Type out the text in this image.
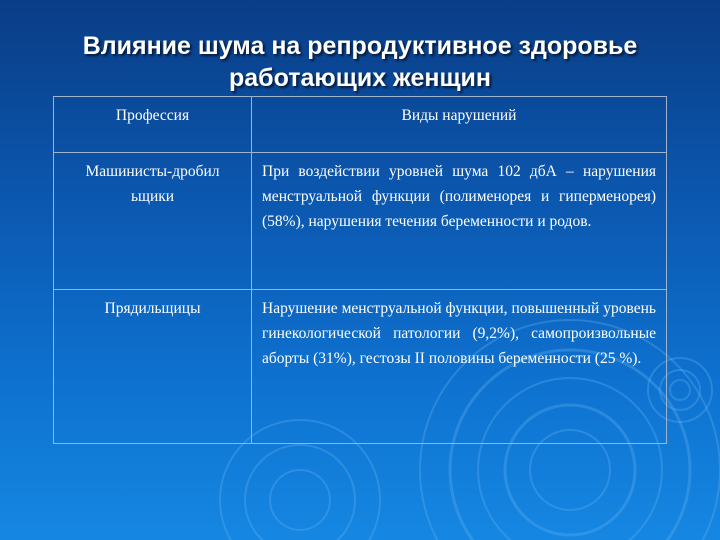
Влияние шума на репродуктивное здоровье
работающих женщин
Профессия	Виды нарушений
Машинисты-дробил ьщики	При воздействии уровней шума 102 дбА – нарушения менструальной функции (полименорея и гиперменорея) (58%), нарушения течения беременности и родов.
Прядильщицы	Нарушение менструальной функции, повышенный уровень гинекологической патологии (9,2%), самопроизвольные аборты (31%), гестозы II половины беременности (25 %).
